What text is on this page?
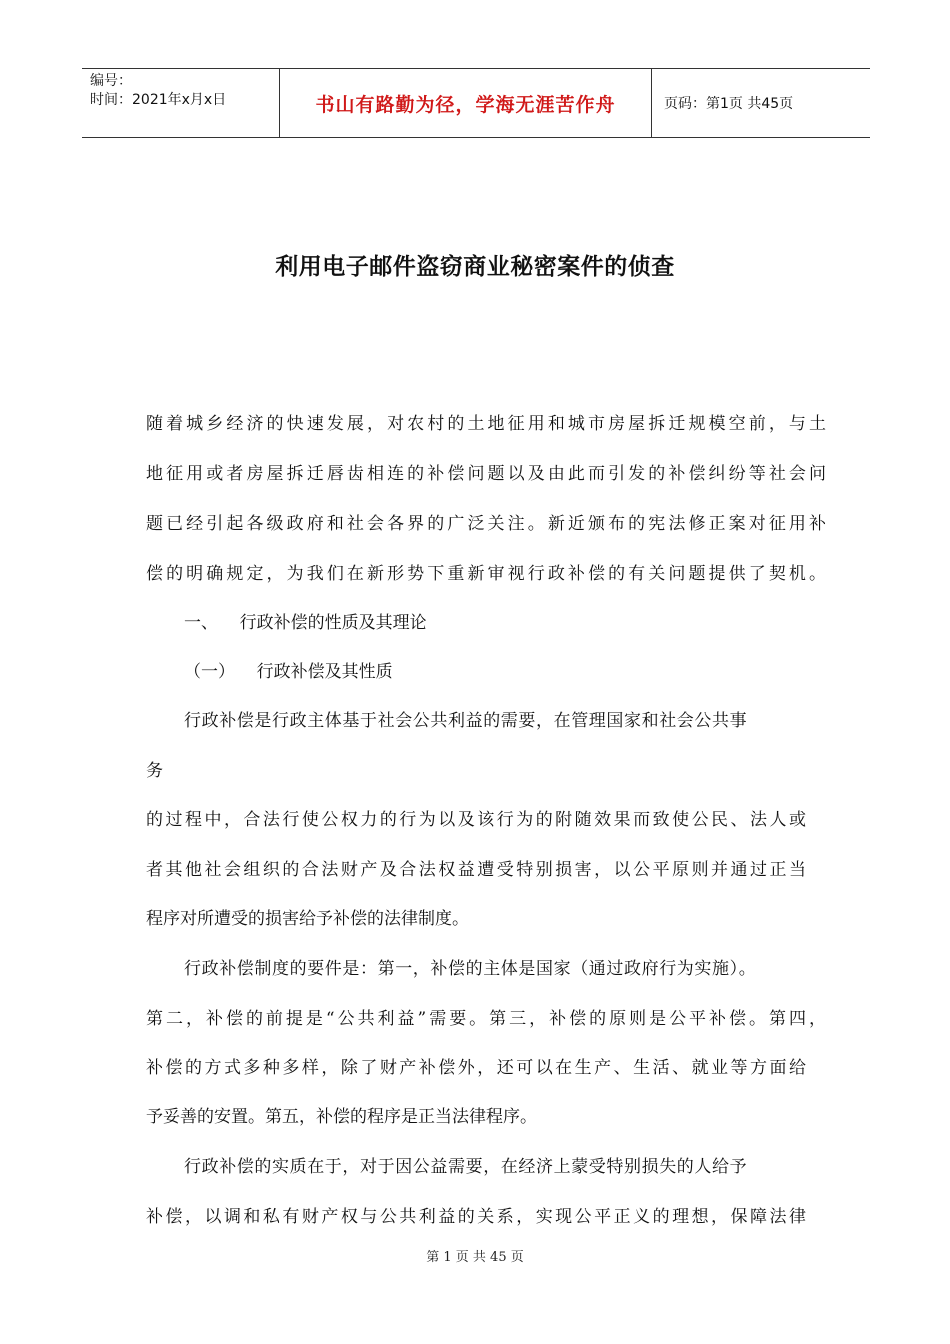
编号：
时间：2021年x月x日	书山有路勤为径，学海无涯苦作舟	页码：第1页 共45页
利用电子邮件盗窃商业秘密案件的侦查
随着城乡经济的快速发展，对农村的土地征用和城市房屋拆迁规模空前，与土
地征用或者房屋拆迁唇齿相连的补偿问题以及由此而引发的补偿纠纷等社会问
题已经引起各级政府和社会各界的广泛关注。新近颁布的宪法修正案对征用补
偿的明确规定，为我们在新形势下重新审视行政补偿的有关问题提供了契机。
一、    行政补偿的性质及其理论
（一）    行政补偿及其性质
行政补偿是行政主体基于社会公共利益的需要，在管理国家和社会公共事
务
的过程中，合法行使公权力的行为以及该行为的附随效果而致使公民、法人或
者其他社会组织的合法财产及合法权益遭受特别损害，以公平原则并通过正当
程序对所遭受的损害给予补偿的法律制度。
行政补偿制度的要件是：第一，补偿的主体是国家（通过政府行为实施）。
第二，补偿的前提是“公共利益”需要。第三，补偿的原则是公平补偿。第四，
补偿的方式多种多样，除了财产补偿外，还可以在生产、生活、就业等方面给
予妥善的安置。第五，补偿的程序是正当法律程序。
行政补偿的实质在于，对于因公益需要，在经济上蒙受特别损失的人给予
补偿，以调和私有财产权与公共利益的关系，实现公平正义的理想，保障法律
第 1 页 共 45 页
